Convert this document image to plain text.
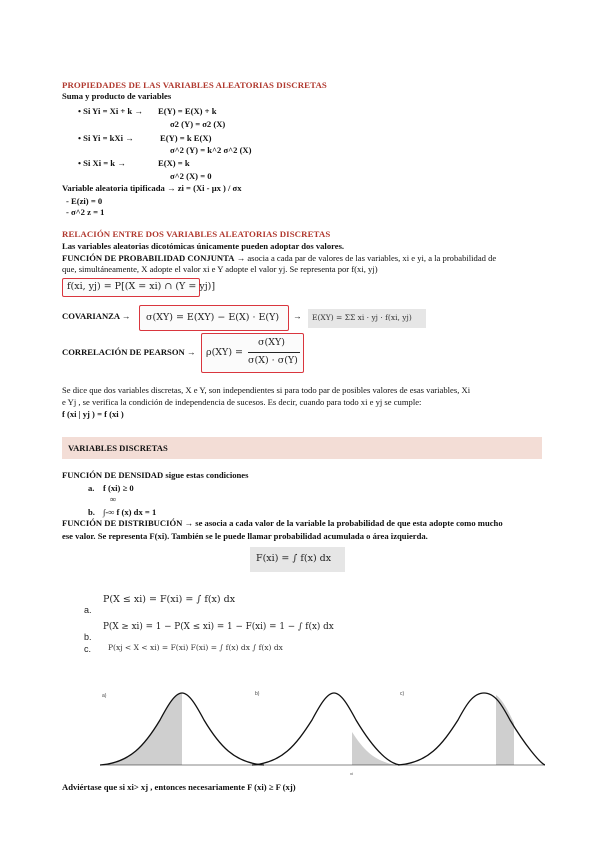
PROPIEDADES DE LAS VARIABLES ALEATORIAS DISCRETAS
Suma y producto de variables
• Si Yi = Xi + k → E(Y) = E(X) + k
σ2 (Y) = σ2 (X)
• Si Yi = kXi →	E(Y) = k E(X)
σ^2 (Y) = k^2 σ^2 (X)
• Si Xi = k →	E(X) = k
σ^2 (X) = 0
Variable aleatoria tipificada → zi = (Xi - μx ) / σx
- E(zi) = 0
- σ^2 z = 1
RELACIÓN ENTRE DOS VARIABLES ALEATORIAS DISCRETAS
Las variables aleatorias dicotómicas únicamente pueden adoptar dos valores.
FUNCIÓN DE PROBABILIDAD CONJUNTA → asocia a cada par de valores de las variables, xi e yi, a la probabilidad de
que, simultáneamente, X adopte el valor xi e Y adopte el valor yj. Se representa por f(xi, yj)
f(xi, yj) = P[(X = xi) ∩ (Y = yj)]
COVARIANZA → σ(XY) = E(XY) − E(X) · E(Y) → E(XY) = ΣΣ xi · yj · f(xi, yj)
CORRELACIÓN DE PEARSON → ρ(XY) =
σ(XY)
σ(X) · σ(Y)
Se dice que dos variables discretas, X e Y, son independientes si para todo par de posibles valores de esas variables, Xi
e Yj , se verifica la condición de independencia de sucesos. Es decir, cuando para todo xi e yj se cumple:
f (xi | yj ) = f (xi )
VARIABLES DISCRETAS
FUNCIÓN DE DENSIDAD sigue estas condiciones
a. f (xi) ≥ 0
∞
b. ∫-∞ f (x) dx = 1
FUNCIÓN DE DISTRIBUCIÓN → se asocia a cada valor de la variable la probabilidad de que esta adopte como mucho
ese valor. Se representa F(xi). También se le puede llamar probabilidad acumulada o área izquierda.
F(xi) = ∫ f(x) dx
a.
P(X ≤ xi) = F(xi) = ∫ f(x) dx
b.
P(X ≥ xi) = 1 − P(X ≤ xi) = 1 − F(xi) = 1 − ∫ f(x) dx
c. P(xj < X < xi) = F(xi) F(xi) = ∫ f(x) dx ∫ f(x) dx
a)	b)
xi
c)
Adviértase que si xi> xj , entonces necesariamente F (xi) ≥ F (xj)
